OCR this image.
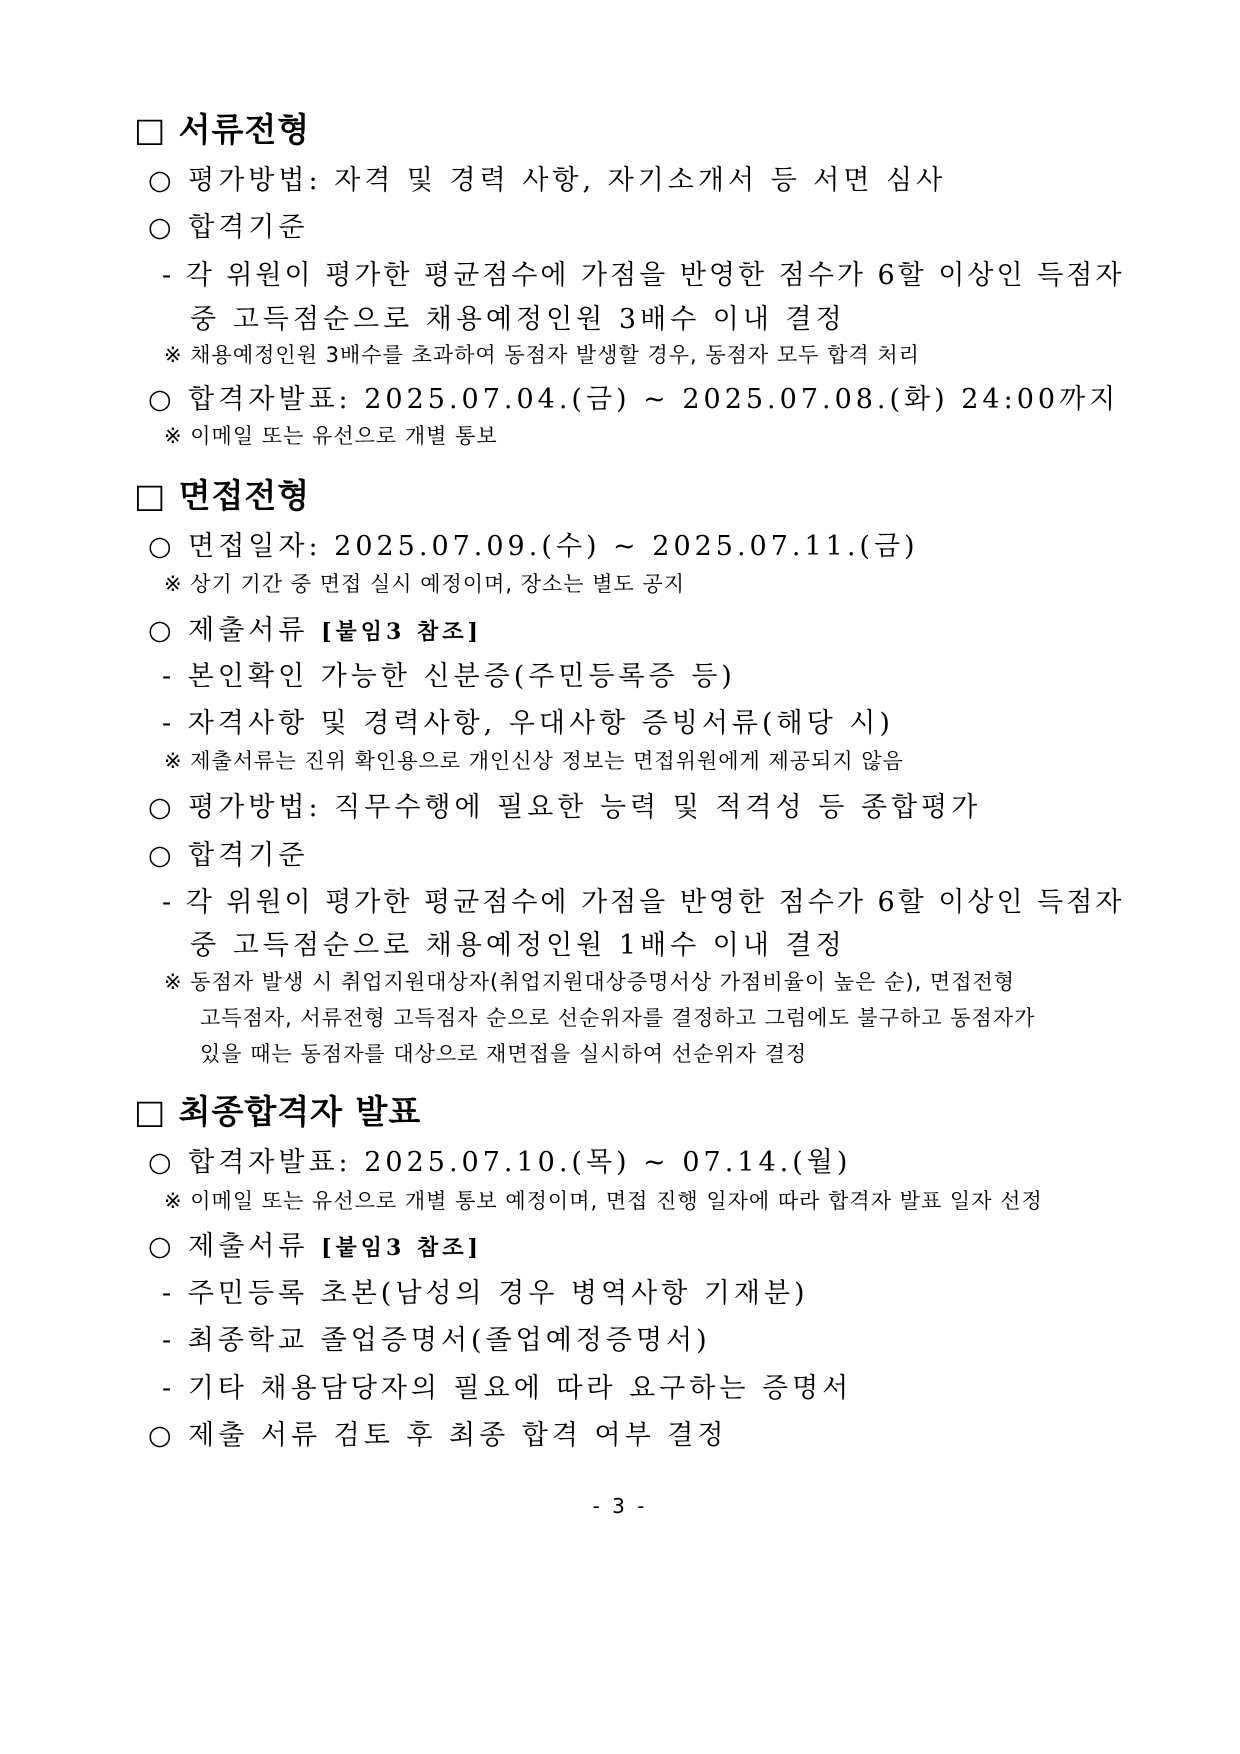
□ 서류전형
○ 평가방법: 자격 및 경력 사항, 자기소개서 등 서면 심사
○ 합격기준
- 각 위원이 평가한 평균점수에 가점을 반영한 점수가 6할 이상인 득점자
중 고득점순으로 채용예정인원 3배수 이내 결정
※ 채용예정인원 3배수를 초과하여 동점자 발생할 경우, 동점자 모두 합격 처리
○ 합격자발표: 2025.07.04.(금) ~ 2025.07.08.(화) 24:00까지
※ 이메일 또는 유선으로 개별 통보
□ 면접전형
○ 면접일자: 2025.07.09.(수) ~ 2025.07.11.(금)
※ 상기 기간 중 면접 실시 예정이며, 장소는 별도 공지
○ 제출서류 [붙임3 참조]
- 본인확인 가능한 신분증(주민등록증 등)
- 자격사항 및 경력사항, 우대사항 증빙서류(해당 시)
※ 제출서류는 진위 확인용으로 개인신상 정보는 면접위원에게 제공되지 않음
○ 평가방법: 직무수행에 필요한 능력 및 적격성 등 종합평가
○ 합격기준
- 각 위원이 평가한 평균점수에 가점을 반영한 점수가 6할 이상인 득점자
중 고득점순으로 채용예정인원 1배수 이내 결정
※ 동점자 발생 시 취업지원대상자(취업지원대상증명서상 가점비율이 높은 순), 면접전형
고득점자, 서류전형 고득점자 순으로 선순위자를 결정하고 그럼에도 불구하고 동점자가
있을 때는 동점자를 대상으로 재면접을 실시하여 선순위자 결정
□ 최종합격자 발표
○ 합격자발표: 2025.07.10.(목) ~ 07.14.(월)
※ 이메일 또는 유선으로 개별 통보 예정이며, 면접 진행 일자에 따라 합격자 발표 일자 선정
○ 제출서류 [붙임3 참조]
- 주민등록 초본(남성의 경우 병역사항 기재분)
- 최종학교 졸업증명서(졸업예정증명서)
- 기타 채용담당자의 필요에 따라 요구하는 증명서
○ 제출 서류 검토 후 최종 합격 여부 결정
- 3 -
